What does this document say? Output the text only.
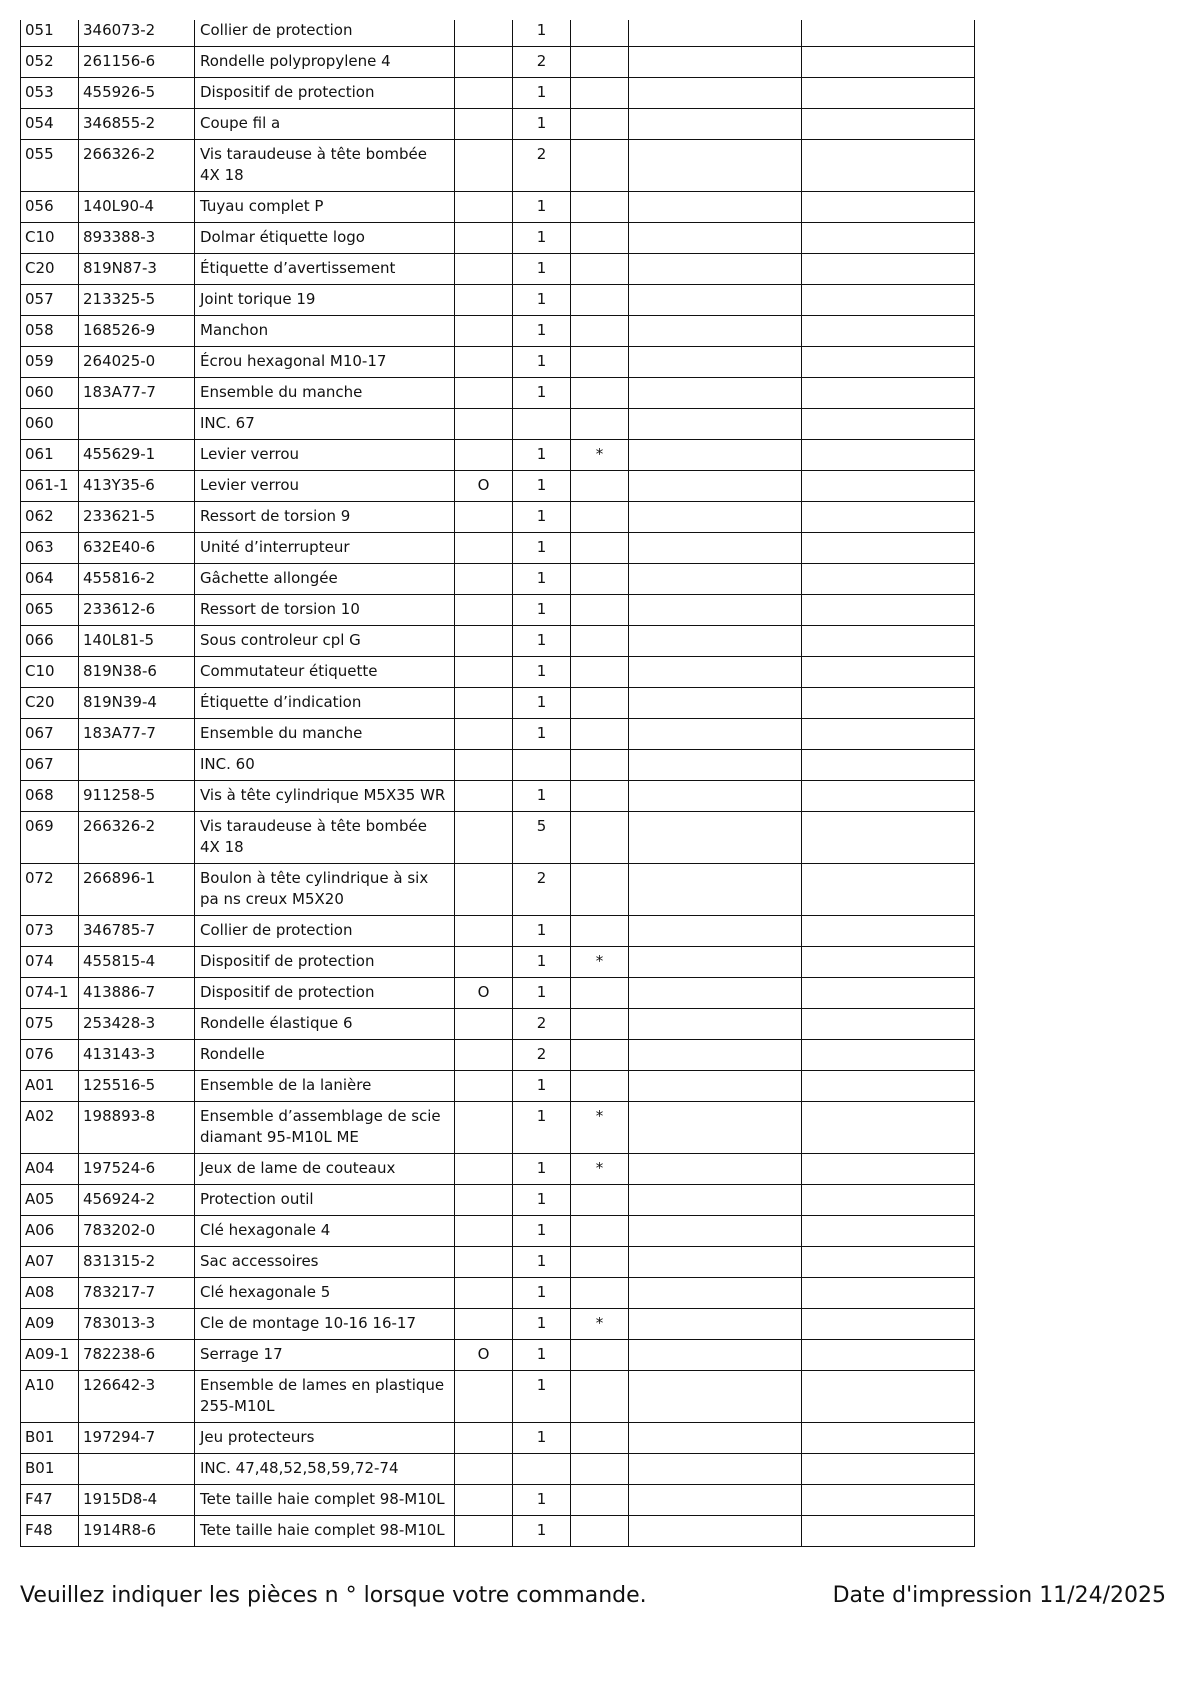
051	346073-2	Collier de protection		1			
052	261156-6	Rondelle polypropylene 4		2			
053	455926-5	Dispositif de protection		1			
054	346855-2	Coupe fil a		1			
055	266326-2	Vis taraudeuse à tête bombée 4X 18		2			
056	140L90-4	Tuyau complet P		1			
C10	893388-3	Dolmar étiquette logo		1			
C20	819N87-3	Étiquette d’avertissement		1			
057	213325-5	Joint torique 19		1			
058	168526-9	Manchon		1			
059	264025-0	Écrou hexagonal M10-17		1			
060	183A77-7	Ensemble du manche		1			
060		INC. 67					
061	455629-1	Levier verrou		1	*		
061-1	413Y35-6	Levier verrou	O	1			
062	233621-5	Ressort de torsion 9		1			
063	632E40-6	Unité d’interrupteur		1			
064	455816-2	Gâchette allongée		1			
065	233612-6	Ressort de torsion 10		1			
066	140L81-5	Sous controleur cpl G		1			
C10	819N38-6	Commutateur étiquette		1			
C20	819N39-4	Étiquette d’indication		1			
067	183A77-7	Ensemble du manche		1			
067		INC. 60					
068	911258-5	Vis à tête cylindrique M5X35 WR		1			
069	266326-2	Vis taraudeuse à tête bombée 4X 18		5			
072	266896-1	Boulon à tête cylindrique à six pa ns creux M5X20		2			
073	346785-7	Collier de protection		1			
074	455815-4	Dispositif de protection		1	*		
074-1	413886-7	Dispositif de protection	O	1			
075	253428-3	Rondelle élastique 6		2			
076	413143-3	Rondelle		2			
A01	125516-5	Ensemble de la lanière		1			
A02	198893-8	Ensemble d’assemblage de scie diamant 95-M10L ME		1	*		
A04	197524-6	Jeux de lame de couteaux		1	*		
A05	456924-2	Protection outil		1			
A06	783202-0	Clé hexagonale 4		1			
A07	831315-2	Sac accessoires		1			
A08	783217-7	Clé hexagonale 5		1			
A09	783013-3	Cle de montage 10-16 16-17		1	*		
A09-1	782238-6	Serrage 17	O	1			
A10	126642-3	Ensemble de lames en plastique 255-M10L		1			
B01	197294-7	Jeu protecteurs		1			
B01		INC. 47,48,52,58,59,72-74					
F47	1915D8-4	Tete taille haie complet 98-M10L		1			
F48	1914R8-6	Tete taille haie complet 98-M10L		1			
Veuillez indiquer les pièces n ° lorsque votre commande.	Date d'impression 11/24/2025
